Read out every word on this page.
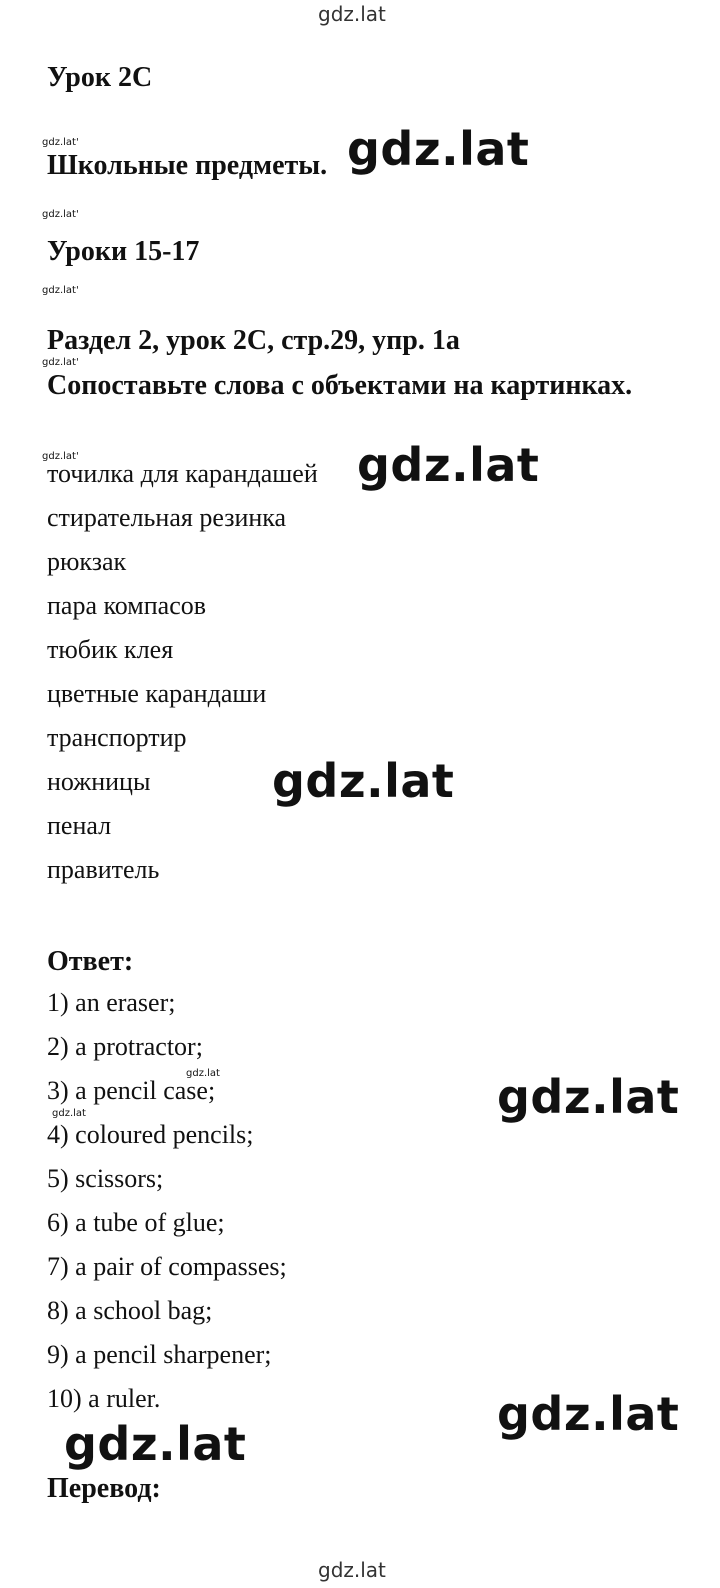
gdz.lat
gdz.lat
Урок 2C
gdz.lat'
Школьные предметы. gdz.lat
gdz.lat'
Уроки 15-17
gdz.lat'
Раздел 2, урок 2C, стр.29, упр. 1a
gdz.lat'
Сопоставьте слова с объектами на картинках.
gdz.lat'	gdz.lat
точилка для карандашей
стирательная резинка
рюкзак
пара компасов
тюбик клея
цветные карандаши
транспортир
ножницы
пенал
правитель
gdz.lat
Ответ:
1) an eraser;
2) a protractor;
3) a pencil case;
4) coloured pencils;
5) scissors;
6) a tube of glue;
7) a pair of compasses;
8) a school bag;
9) a pencil sharpener;
10) a ruler.
gdz.lat
gdz.lat	gdz.lat
gdz.lat
gdz.lat
Перевод:
